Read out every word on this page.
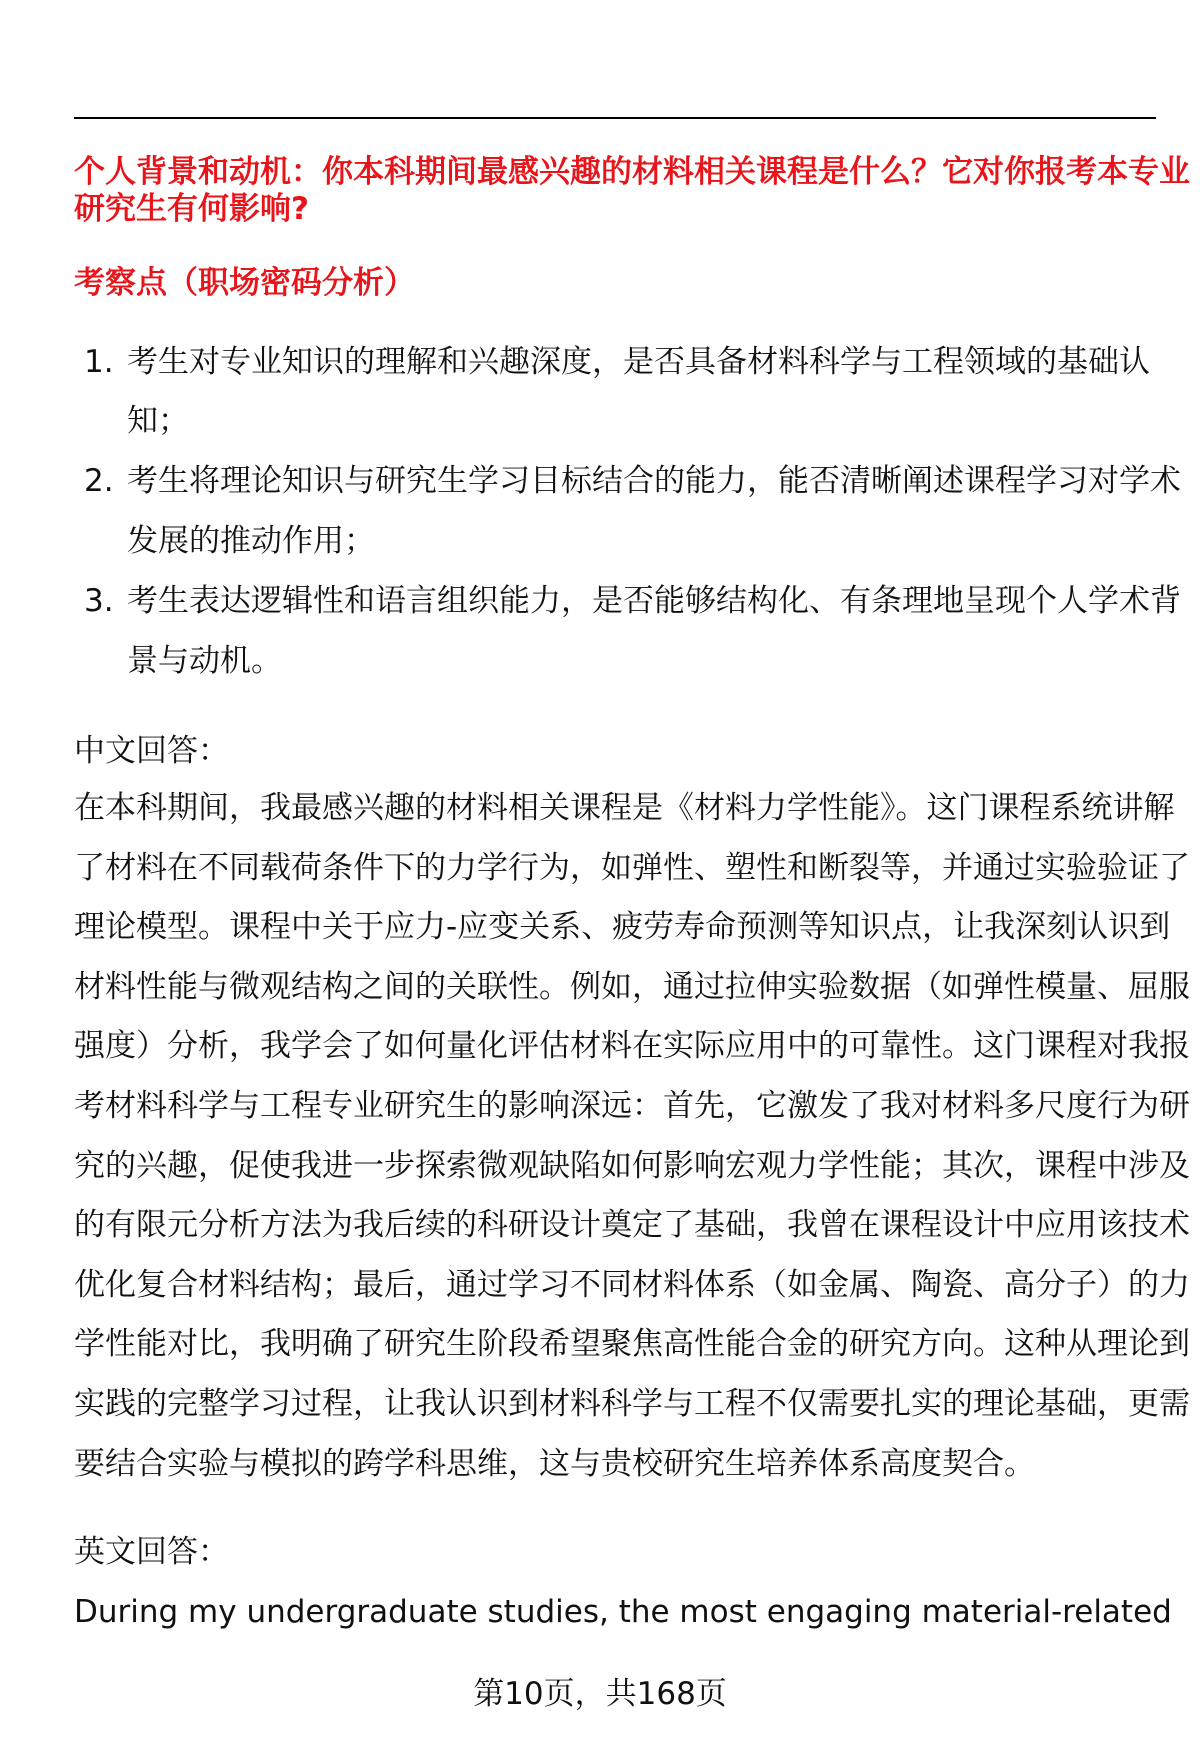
个人背景和动机：你本科期间最感兴趣的材料相关课程是什么？它对你报考本专业
研究生有何影响?
考察点（职场密码分析）
1. 考生对专业知识的理解和兴趣深度，是否具备材料科学与工程领域的基础认
知；
2. 考生将理论知识与研究生学习目标结合的能力，能否清晰阐述课程学习对学术
发展的推动作用；
3. 考生表达逻辑性和语言组织能力，是否能够结构化、有条理地呈现个人学术背
景与动机。
中文回答：
在本科期间，我最感兴趣的材料相关课程是《材料力学性能》。这门课程系统讲解
了材料在不同载荷条件下的力学行为，如弹性、塑性和断裂等，并通过实验验证了
理论模型。课程中关于应力-应变关系、疲劳寿命预测等知识点，让我深刻认识到
材料性能与微观结构之间的关联性。例如，通过拉伸实验数据（如弹性模量、屈服
强度）分析，我学会了如何量化评估材料在实际应用中的可靠性。这门课程对我报
考材料科学与工程专业研究生的影响深远：首先，它激发了我对材料多尺度行为研
究的兴趣，促使我进一步探索微观缺陷如何影响宏观力学性能；其次，课程中涉及
的有限元分析方法为我后续的科研设计奠定了基础，我曾在课程设计中应用该技术
优化复合材料结构；最后，通过学习不同材料体系（如金属、陶瓷、高分子）的力
学性能对比，我明确了研究生阶段希望聚焦高性能合金的研究方向。这种从理论到
实践的完整学习过程，让我认识到材料科学与工程不仅需要扎实的理论基础，更需
要结合实验与模拟的跨学科思维，这与贵校研究生培养体系高度契合。
英文回答：
During my undergraduate studies, the most engaging material-related
第10页，共168页
